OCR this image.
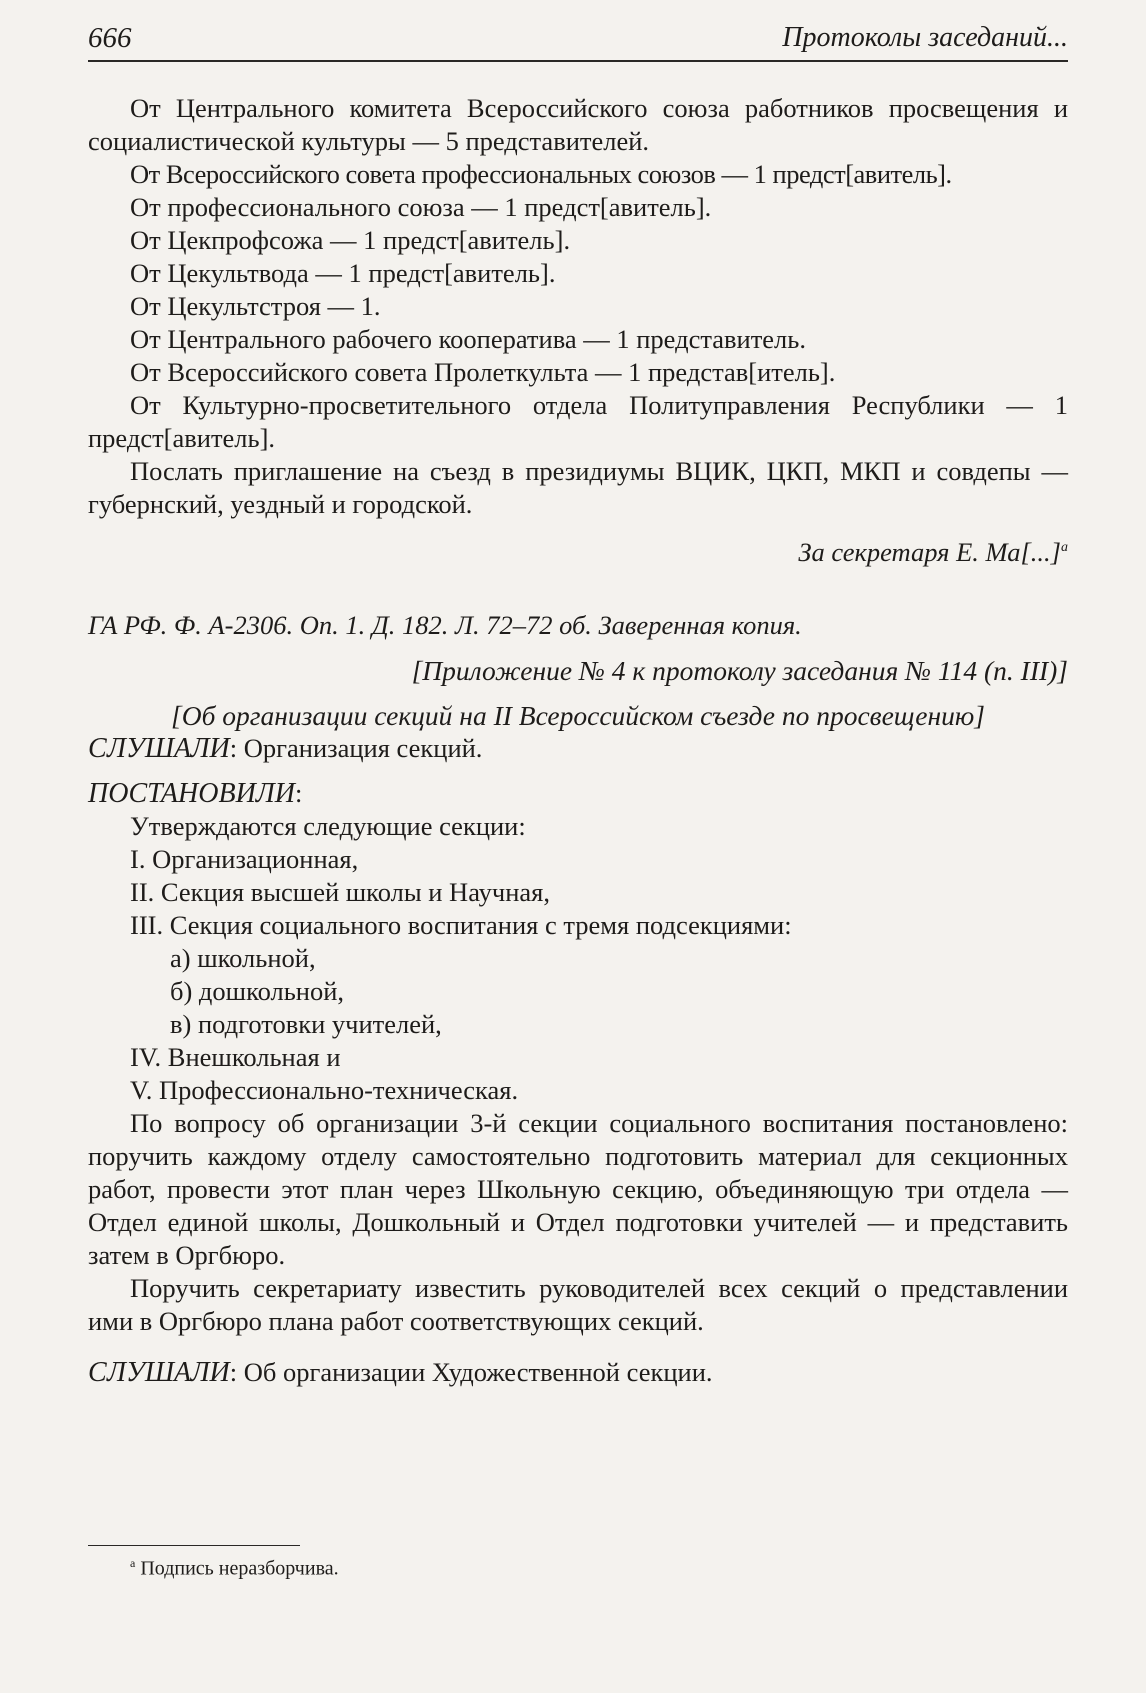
666	Протоколы заседаний...

От Центрального комитета Всероссийского союза работников просвещения и социалистической культуры — 5 представителей.

От Всероссийского совета профессиональных союзов — 1 предст[авитель].

От профессионального союза — 1 предст[авитель].

От Цекпрофсожа — 1 предст[авитель].

От Цекультвода — 1 предст[авитель].

От Цекультстроя — 1.

От Центрального рабочего кооператива — 1 представитель.

От Всероссийского совета Пролеткульта — 1 представ[итель].

От Культурно-просветительного отдела Политуправления Республики — 1 предст[авитель].

Послать приглашение на съезд в президиумы ВЦИК, ЦКП, МКП и совдепы — губернский, уездный и городской.

За секретаря Е. Ма[...]$^а$

ГА РФ. Ф. А-2306. Оп. 1. Д. 182. Л. 72–72 об. Заверенная копия.

[Приложение № 4 к протоколу заседания № 114 (п. III)]

[Об организации секций на II Всероссийском съезде по просвещению]

СЛУШАЛИ: Организация секций.

ПОСТАНОВИЛИ:

Утверждаются следующие секции:

I. Организационная,

II. Секция высшей школы и Научная,

III. Секция социального воспитания с тремя подсекциями:

а) школьной,

б) дошкольной,

в) подготовки учителей,

IV. Внешкольная и

V. Профессионально-техническая.

По вопросу об организации 3-й секции социального воспитания постановлено: поручить каждому отделу самостоятельно подготовить материал для секционных работ, провести этот план через Школьную секцию, объединяющую три отдела — Отдел единой школы, Дошкольный и Отдел подготовки учителей — и представить затем в Оргбюро.

Поручить секретариату известить руководителей всех секций о представлении ими в Оргбюро плана работ соответствующих секций.

СЛУШАЛИ: Об организации Художественной секции.

$^а$ Подпись неразборчива.
